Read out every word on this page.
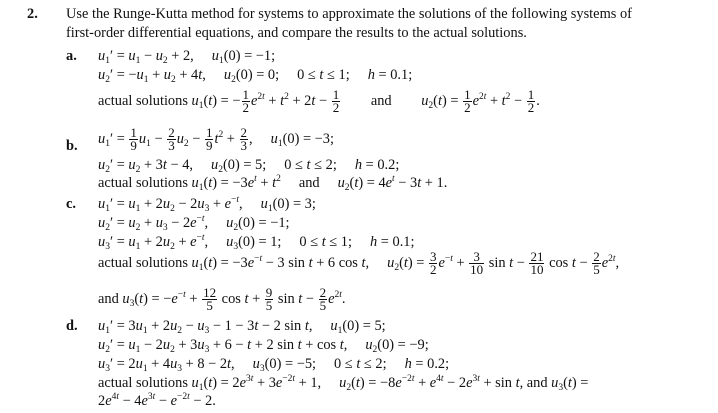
2. Use the Runge-Kutta method for systems to approximate the solutions of the following systems of
first-order differential equations, and compare the results to the actual solutions.
a. $u_1' = u_1 - u_2 + 2$, $u_1(0) = -1$;
$u_2' = -u_1 + u_2 + 4t$, $u_2(0) = 0$; 0 ≤ t ≤ 1; h = 0.1;
actual solutions $u_1(t)$ = − $\frac{1}{2} e^{2t} + t^2 + 2t - \frac{1}{2}$ and $u_2(t) = \frac{1}{2} e^{2t} + t^2 - \frac{1}{2}$ .
b. $u_1' = \frac{1}{9} u_1 - \frac{2}{3} u_2 - \frac{1}{9} t^2 + \frac{2}{3}$ , $u_1(0) = -3$;
$u_2' = u_2 + 3t - 4$, $u_2(0) = 5$; 0 ≤ t ≤ 2; h = 0.2;
actual solutions $u_1(t) = -3e^t + t^2$ and $u_2(t) = 4e^t - 3t + 1$.
c. $u_1' = u_1 + 2u_2 - 2u_3 + e^{-t}$, $u_1(0) = 3$;
$u_2' = u_2 + u_3 - 2e^{-t}$, $u_2(0) = -1$;
$u_3' = u_1 + 2u_2 + e^{-t}$, $u_3(0) = 1$; 0 ≤ t ≤ 1; h = 0.1;
actual solutions $u_1(t) = -3e^{-t} - 3$ sin t + 6 cos t, $u_2(t) = \frac{3}{2} e^{-t} + \frac{3}{10}$ $\sin t - \frac{21}{10}$ $\cos t - \frac{2}{5} e^{2t}$,
and $u_3(t) = -e^{-t} + \frac{12}{5}$ $\cos t + \frac{9}{5}$ $\sin t - \frac{2}{5} e^{2t}$.
d. $u_1' = 3u_1 + 2u_2 - u_3 - 1 - 3t - 2$ sin t, $u_1(0) = 5$;
$u_2' = u_1 - 2u_2 + 3u_3 + 6 - t + 2$ sin t + cos t, $u_2(0) = -9$;
$u_3' = 2u_1 + 4u_3 + 8 - 2t$, $u_3(0) = -5$; 0 ≤ t ≤ 2; h = 0.2;
actual solutions $u_1(t) = 2e^{3t} + 3e^{-2t} + 1$, $u_2(t) = -8e^{-2t} + e^{4t} - 2e^{3t} + \sin t$, and $u_3(t)$ =
$2e^{4t} - 4e^{3t} - e^{-2t} - 2$.
